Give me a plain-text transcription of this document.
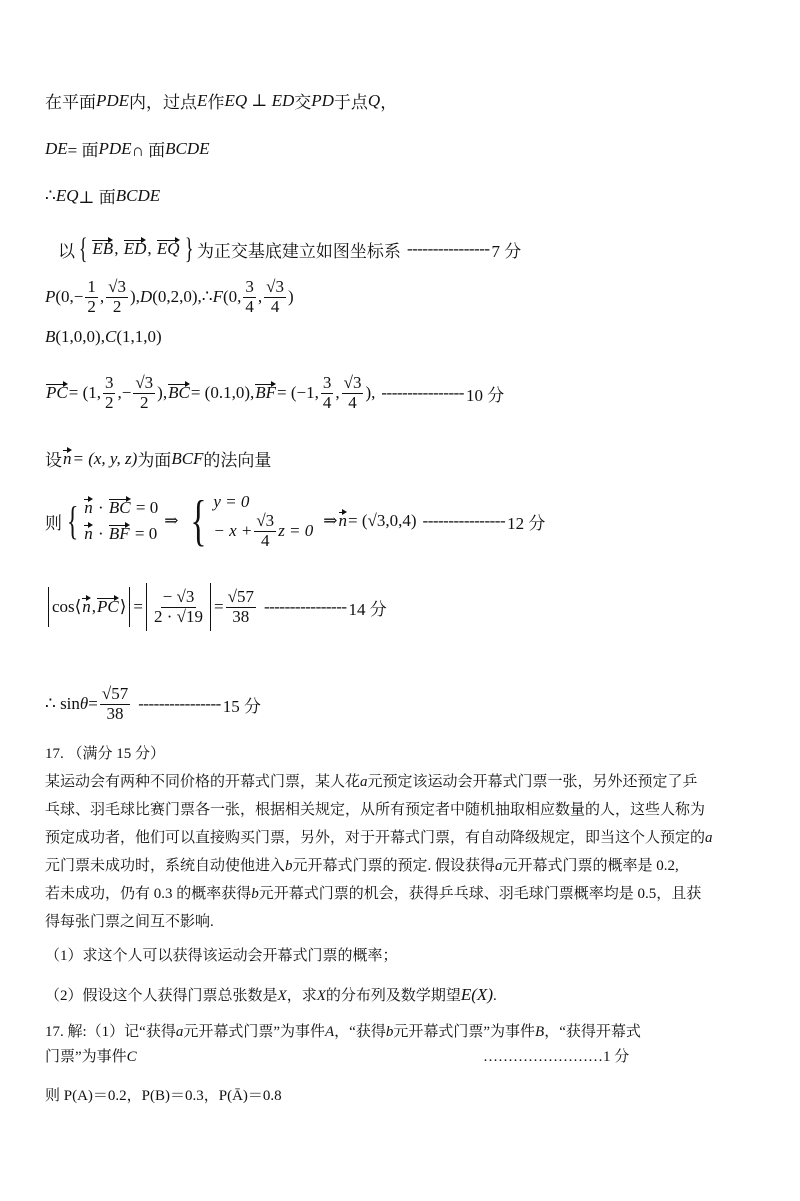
在平面 PDE 内，过点 E 作 EQ ⊥ ED 交 PD 于点 Q ，
DE = 面 PDE ∩ 面 BCDE
∴ EQ ⊥ 面 BCDE
以 { EB , ED , EQ } 为正交基底建立如图坐标系 ---------------- 7 分
P ($0,- \frac{1}{2}$ , $\frac{√3}{2}$ ), D (0,2,0),∴ F (0, $\frac{3}{4}$ , $\frac{√3}{4}$ )
B (1,0,0), C (1,1,0)
PC = (1, $\frac{3}{2}$ ,− $\frac{√3}{2}$ ), BC = (0.1,0), BF = (−1, $\frac{3}{4}$ , $\frac{√3}{4}$ ), ---------------- 10 分
设 n = (x, y, z) 为面 BCF 的法向量
则 { n · BC = 0
n · BF = 0
⇒ { y = 0
− $x + \frac{√3}{4}$ z = 0
⇒ n = (√3,0,4) ---------------- 12 分
cos⟨ n , PC ⟩ = $\frac{- √3}{2 \cdot √19} = \frac{√57}{38}$ ---------------- 14 分
∴ $\sin \theta = \frac{√57}{38}$ ---------------- 15 分
17. （满分 15 分）
某运动会有两种不同价格的开幕式门票，某人花a元预定该运动会开幕式门票一张，另外还预定了乒
乓球、羽毛球比赛门票各一张，根据相关规定，从所有预定者中随机抽取相应数量的人，这些人称为
预定成功者，他们可以直接购买门票，另外，对于开幕式门票，有自动降级规定，即当这个人预定的a
元门票未成功时，系统自动使他进入b元开幕式门票的预定. 假设获得a元开幕式门票的概率是 0.2,
若未成功，仍有 0.3 的概率获得b元开幕式门票的机会，获得乒乓球、羽毛球门票概率均是 0.5，且获
得每张门票之间互不影响.
（1）求这个人可以获得该运动会开幕式门票的概率；
（2）假设这个人获得门票总张数是X，求X的分布列及数学期望E(X).
17. 解:（1）记“获得a元开幕式门票”为事件A，“获得b元开幕式门票”为事件B，“获得开幕式
门票”为事件C	……………………1 分
则 P(A)＝0.2，P(B)＝0.3，P(Ā)＝0.8
